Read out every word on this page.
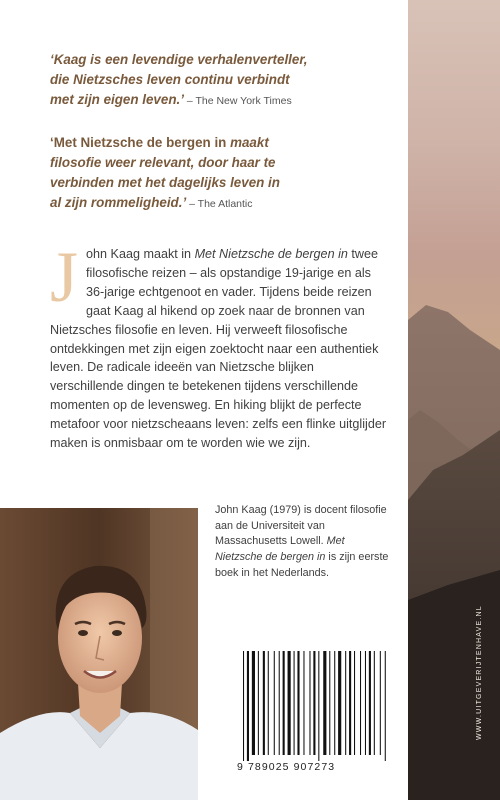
WWW.UITGEVERIJTENHAVE.NL
‘Kaag is een levendige verhalenverteller,
die Nietzsches leven continu verbindt
met zijn eigen leven.’ – The New York Times
‘Met Nietzsche de bergen in maakt
filosofie weer relevant, door haar te
verbinden met het dagelijks leven in
al zijn rommeligheid.’ – The Atlantic
John Kaag maakt in Met Nietzsche de bergen in twee filosofische reizen – als opstandige 19-jarige en als 36-jarige echtgenoot en vader. Tijdens beide reizen gaat Kaag al hikend op zoek naar de bronnen van Nietzsches filosofie en leven. Hij verweeft filosofische ontdekkingen met zijn eigen zoektocht naar een authentiek leven. De radicale ideeën van Nietzsche blijken verschillende dingen te betekenen tijdens verschillende momenten op de levensweg. En hiking blijkt de perfecte metafoor voor nietzscheaans leven: zelfs een flinke uitglijder maken is onmisbaar om te worden wie we zijn.
John Kaag (1979) is docent filosofie aan de Universiteit van Massachusetts Lowell. Met Nietzsche de bergen in is zijn eerste boek in het Nederlands.
9 789025 907273
